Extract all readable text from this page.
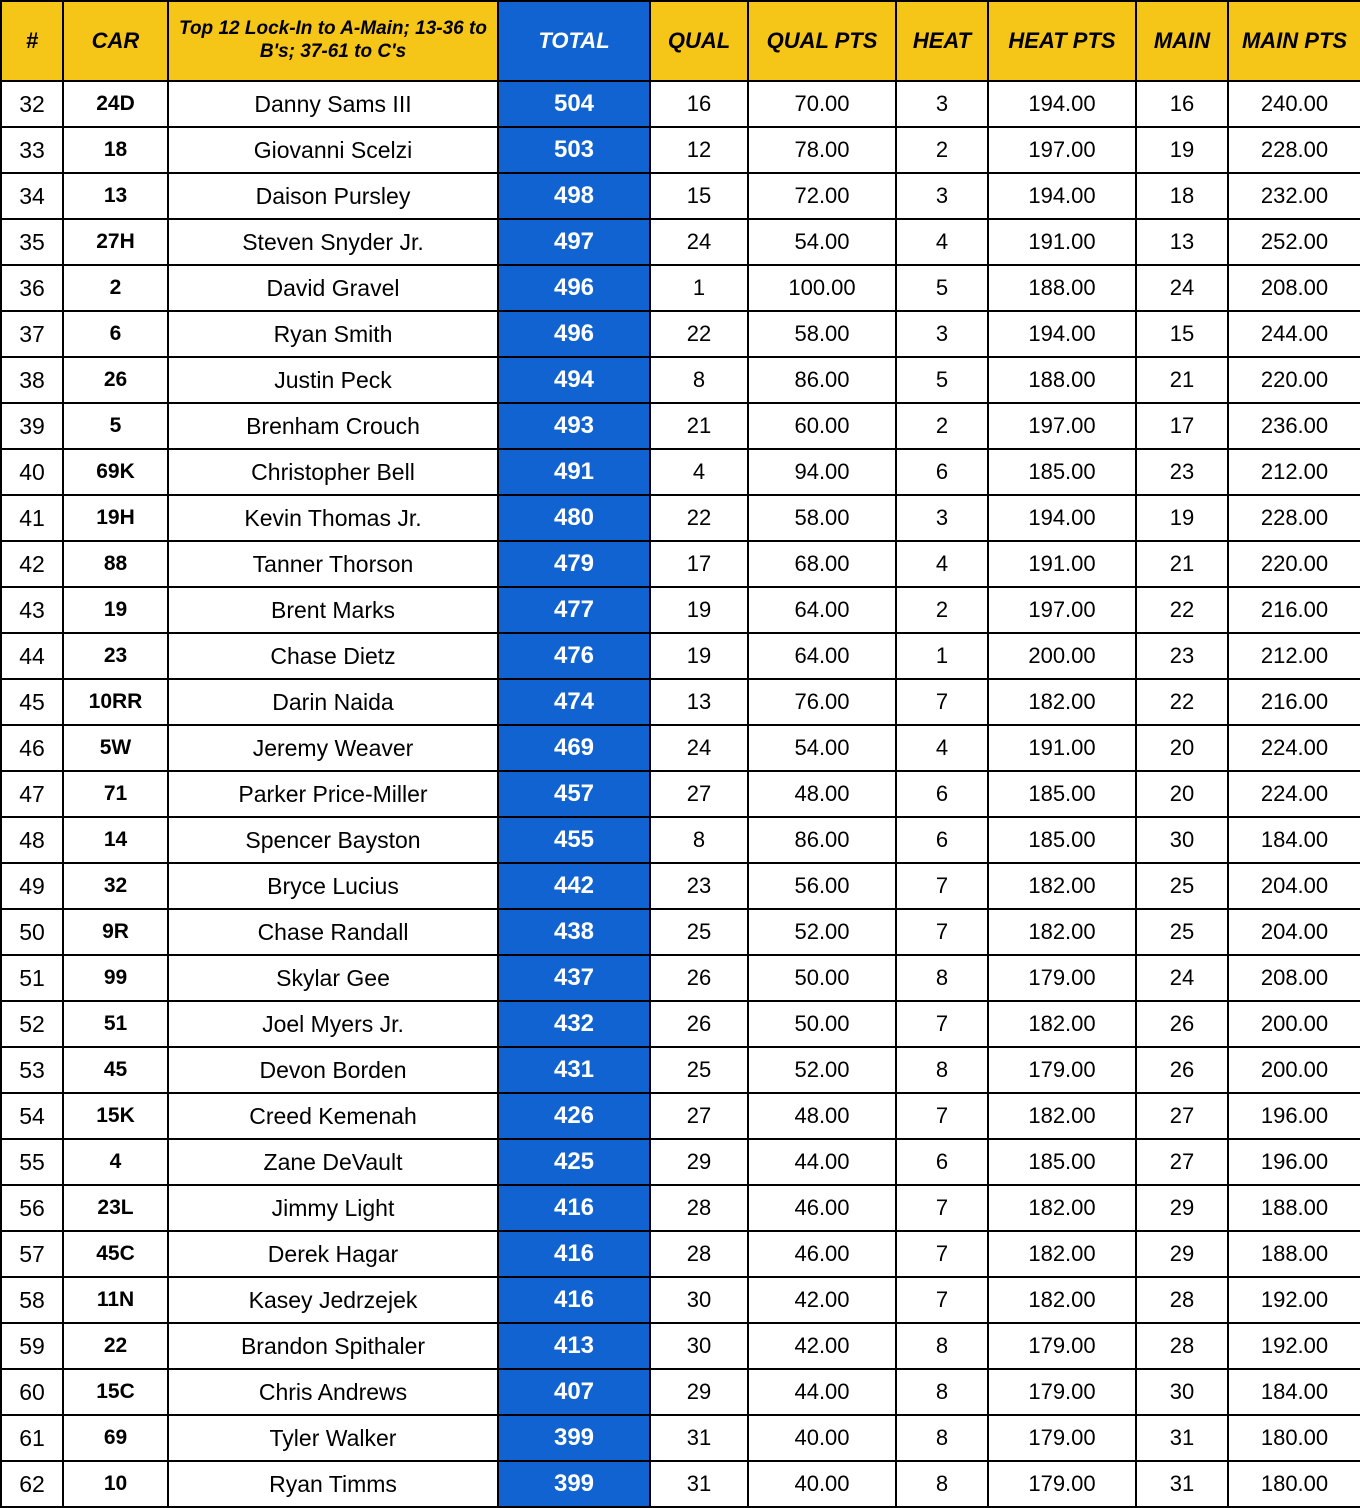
#	CAR	Top 12 Lock-In to A-Main; 13-36 to B's; 37-61 to C's	TOTAL	QUAL	QUAL PTS	HEAT	HEAT PTS	MAIN	MAIN PTS
32	24D	Danny Sams III	504	16	70.00	3	194.00	16	240.00
33	18	Giovanni Scelzi	503	12	78.00	2	197.00	19	228.00
34	13	Daison Pursley	498	15	72.00	3	194.00	18	232.00
35	27H	Steven Snyder Jr.	497	24	54.00	4	191.00	13	252.00
36	2	David Gravel	496	1	100.00	5	188.00	24	208.00
37	6	Ryan Smith	496	22	58.00	3	194.00	15	244.00
38	26	Justin Peck	494	8	86.00	5	188.00	21	220.00
39	5	Brenham Crouch	493	21	60.00	2	197.00	17	236.00
40	69K	Christopher Bell	491	4	94.00	6	185.00	23	212.00
41	19H	Kevin Thomas Jr.	480	22	58.00	3	194.00	19	228.00
42	88	Tanner Thorson	479	17	68.00	4	191.00	21	220.00
43	19	Brent Marks	477	19	64.00	2	197.00	22	216.00
44	23	Chase Dietz	476	19	64.00	1	200.00	23	212.00
45	10RR	Darin Naida	474	13	76.00	7	182.00	22	216.00
46	5W	Jeremy Weaver	469	24	54.00	4	191.00	20	224.00
47	71	Parker Price-Miller	457	27	48.00	6	185.00	20	224.00
48	14	Spencer Bayston	455	8	86.00	6	185.00	30	184.00
49	32	Bryce Lucius	442	23	56.00	7	182.00	25	204.00
50	9R	Chase Randall	438	25	52.00	7	182.00	25	204.00
51	99	Skylar Gee	437	26	50.00	8	179.00	24	208.00
52	51	Joel Myers Jr.	432	26	50.00	7	182.00	26	200.00
53	45	Devon Borden	431	25	52.00	8	179.00	26	200.00
54	15K	Creed Kemenah	426	27	48.00	7	182.00	27	196.00
55	4	Zane DeVault	425	29	44.00	6	185.00	27	196.00
56	23L	Jimmy Light	416	28	46.00	7	182.00	29	188.00
57	45C	Derek Hagar	416	28	46.00	7	182.00	29	188.00
58	11N	Kasey Jedrzejek	416	30	42.00	7	182.00	28	192.00
59	22	Brandon Spithaler	413	30	42.00	8	179.00	28	192.00
60	15C	Chris Andrews	407	29	44.00	8	179.00	30	184.00
61	69	Tyler Walker	399	31	40.00	8	179.00	31	180.00
62	10	Ryan Timms	399	31	40.00	8	179.00	31	180.00
